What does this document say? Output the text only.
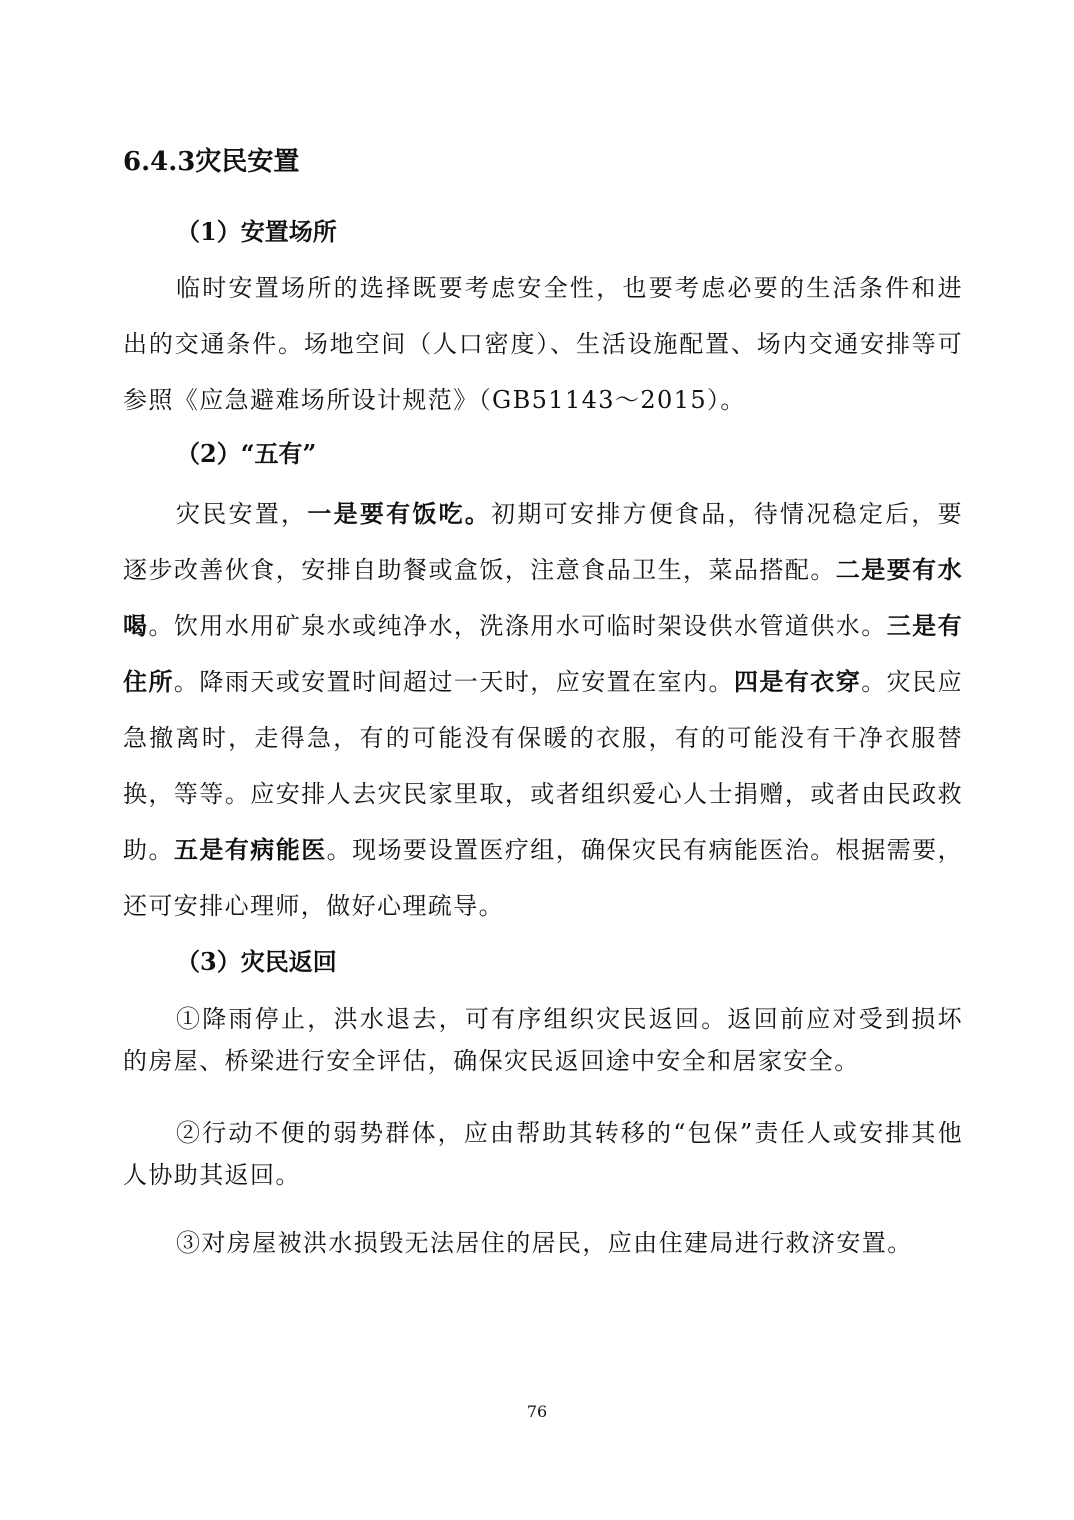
6.4.3灾民安置
（1）安置场所

临时安置场所的选择既要考虑安全性，也要考虑必要的生活条件和进出的交通条件。场地空间（人口密度）、生活设施配置、场内交通安排等可参照《应急避难场所设计规范》（GB51143～2015）。

（2）“五有”

灾民安置，一是要有饭吃。初期可安排方便食品，待情况稳定后，要逐步改善伙食，安排自助餐或盒饭，注意食品卫生，菜品搭配。二是要有水喝。饮用水用矿泉水或纯净水，洗涤用水可临时架设供水管道供水。三是有住所。降雨天或安置时间超过一天时，应安置在室内。四是有衣穿。灾民应急撤离时，走得急，有的可能没有保暖的衣服，有的可能没有干净衣服替换，等等。应安排人去灾民家里取，或者组织爱心人士捐赠，或者由民政救助。五是有病能医。现场要设置医疗组，确保灾民有病能医治。根据需要，还可安排心理师，做好心理疏导。

（3）灾民返回

①降雨停止，洪水退去，可有序组织灾民返回。返回前应对受到损坏的房屋、桥梁进行安全评估，确保灾民返回途中安全和居家安全。

②行动不便的弱势群体，应由帮助其转移的“包保”责任人或安排其他人协助其返回。

③对房屋被洪水损毁无法居住的居民，应由住建局进行救济安置。

76
